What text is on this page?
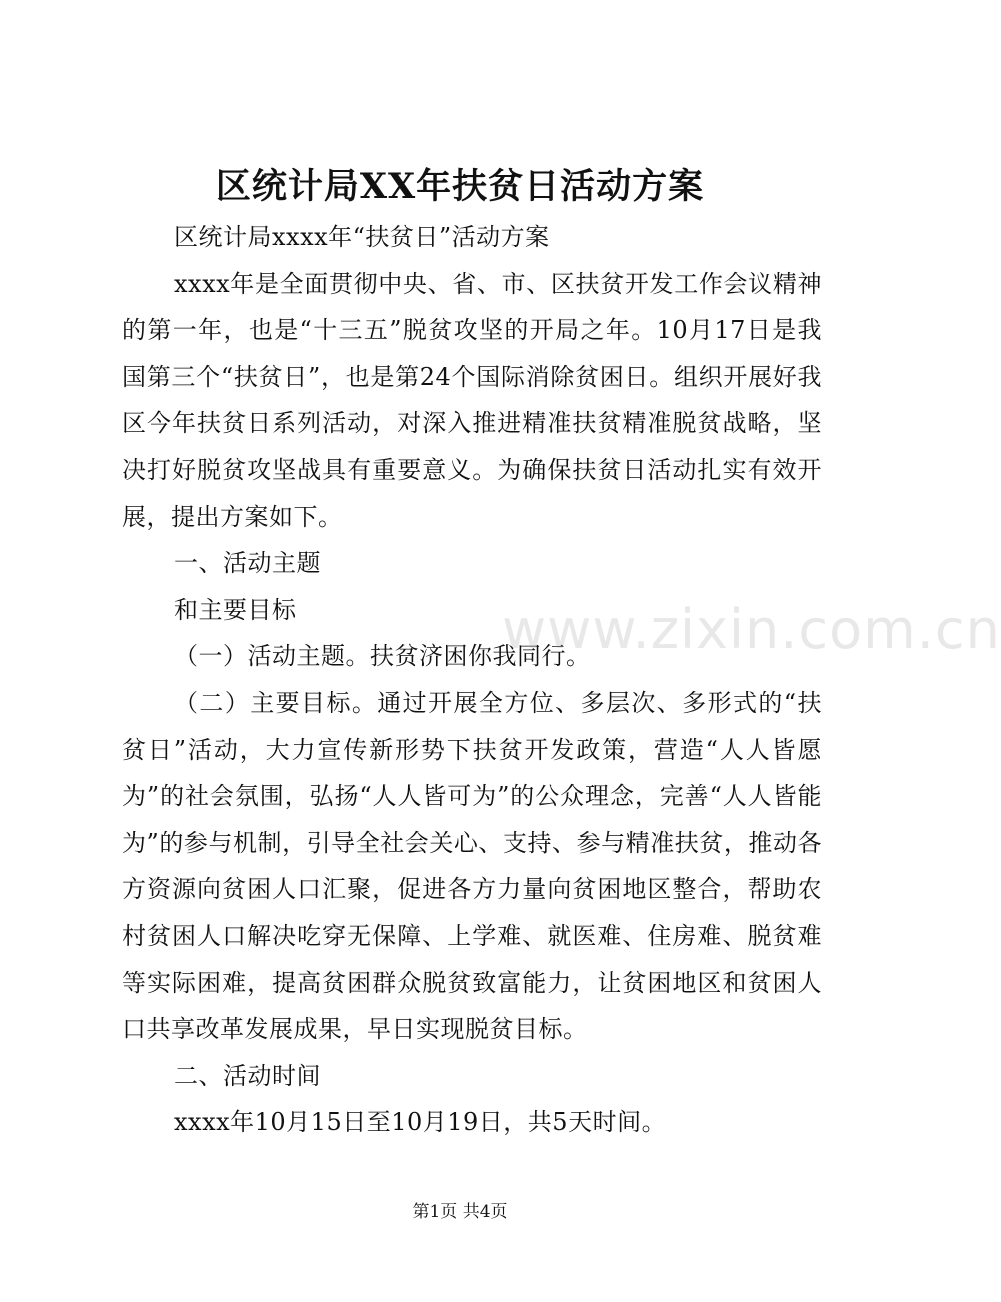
区统计局XX年扶贫日活动方案

区统计局xxxx年“扶贫日”活动方案

xxxx年是全面贯彻中央、省、市、区扶贫开发工作会议精神的第一年，也是“十三五”脱贫攻坚的开局之年。10月17日是我国第三个“扶贫日”，也是第24个国际消除贫困日。组织开展好我区今年扶贫日系列活动，对深入推进精准扶贫精准脱贫战略，坚决打好脱贫攻坚战具有重要意义。为确保扶贫日活动扎实有效开展，提出方案如下。

一、活动主题

和主要目标

（一）活动主题。扶贫济困你我同行。

（二）主要目标。通过开展全方位、多层次、多形式的“扶贫日”活动，大力宣传新形势下扶贫开发政策，营造“人人皆愿为”的社会氛围，弘扬“人人皆可为”的公众理念，完善“人人皆能为”的参与机制，引导全社会关心、支持、参与精准扶贫，推动各方资源向贫困人口汇聚，促进各方力量向贫困地区整合，帮助农村贫困人口解决吃穿无保障、上学难、就医难、住房难、脱贫难等实际困难，提高贫困群众脱贫致富能力，让贫困地区和贫困人口共享改革发展成果，早日实现脱贫目标。

二、活动时间

xxxx年10月15日至10月19日，共5天时间。

www.zixin.com.cn
第1页 共4页
